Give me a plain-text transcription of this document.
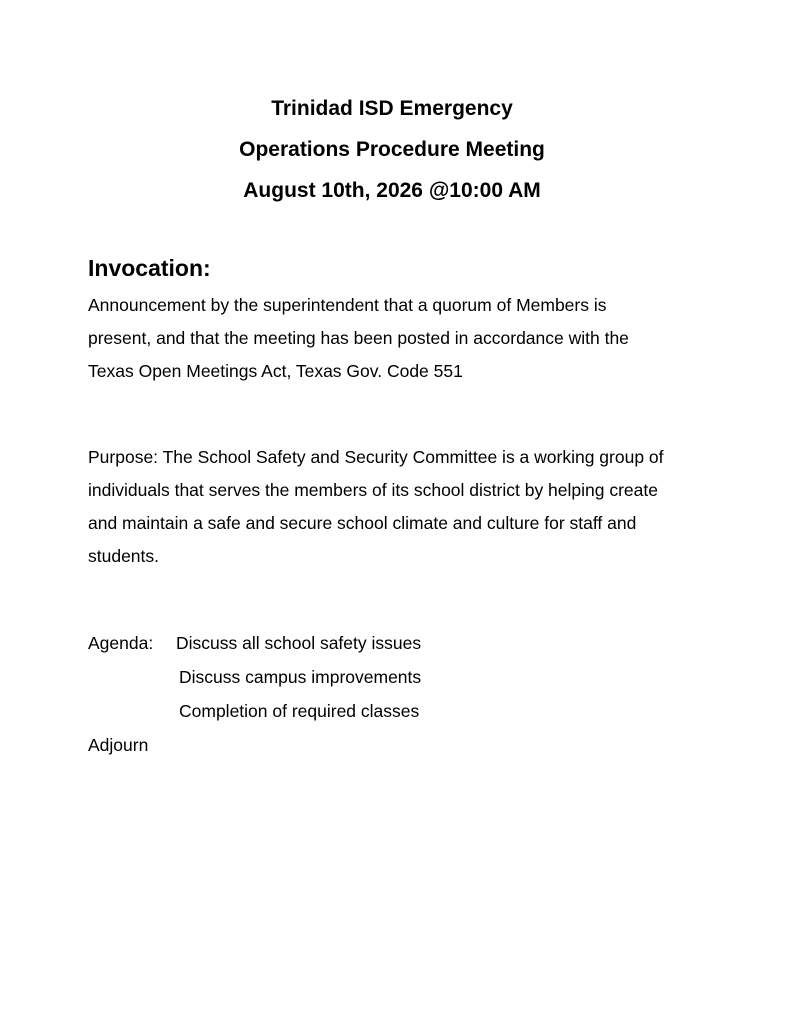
Trinidad ISD Emergency
Operations Procedure Meeting
August 10th, 2026 @10:00 AM
Invocation:
Announcement by the superintendent that a quorum of Members is
present, and that the meeting has been posted in accordance with the
Texas Open Meetings Act, Texas Gov. Code 551
Purpose: The School Safety and Security Committee is a working group of
individuals that serves the members of its school district by helping create
and maintain a safe and secure school climate and culture for staff and
students.
Agenda:	Discuss all school safety issues
Discuss campus improvements
Completion of required classes
Adjourn
